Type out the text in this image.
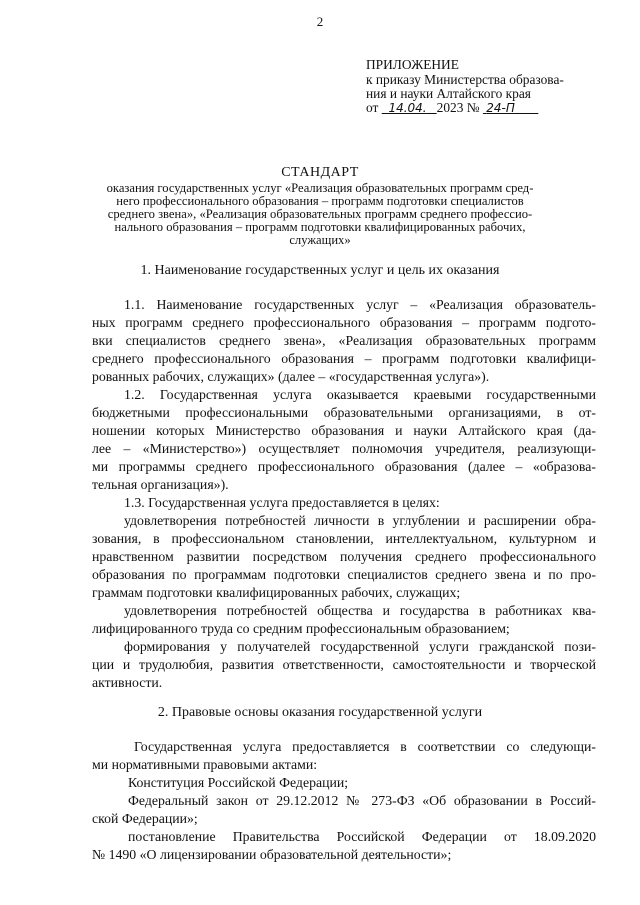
2
ПРИЛОЖЕНИЕ
к приказу Министерства образова-
ния и науки Алтайского края
от 14.04. 2023 № 24-П
СТАНДАРТ
оказания государственных услуг «Реализация образовательных программ сред-
него профессионального образования – программ подготовки специалистов
среднего звена», «Реализация образовательных программ среднего профессио-
нального образования – программ подготовки квалифицированных рабочих,
служащих»
1. Наименование государственных услуг и цель их оказания
1.1. Наименование государственных услуг – «Реализация образователь-
ных программ среднего профессионального образования – программ подгото-
вки специалистов среднего звена», «Реализация образовательных программ
среднего профессионального образования – программ подготовки квалифици-
рованных рабочих, служащих» (далее – «государственная услуга»).
1.2. Государственная услуга оказывается краевыми государственными
бюджетными профессиональными образовательными организациями, в от-
ношении которых Министерство образования и науки Алтайского края (да-
лее – «Министерство») осуществляет полномочия учредителя, реализующи-
ми программы среднего профессионального образования (далее – «образова-
тельная организация»).
1.3. Государственная услуга предоставляется в целях:
удовлетворения потребностей личности в углублении и расширении обра-
зования, в профессиональном становлении, интеллектуальном, культурном и
нравственном развитии посредством получения среднего профессионального
образования по программам подготовки специалистов среднего звена и по про-
граммам подготовки квалифицированных рабочих, служащих;
удовлетворения потребностей общества и государства в работниках ква-
лифицированного труда со средним профессиональным образованием;
формирования у получателей государственной услуги гражданской пози-
ции и трудолюбия, развития ответственности, самостоятельности и творческой
активности.
2. Правовые основы оказания государственной услуги
Государственная услуга предоставляется в соответствии со следующи-
ми нормативными правовыми актами:
Конституция Российской Федерации;
Федеральный закон от 29.12.2012 № 273-ФЗ «Об образовании в Россий-
ской Федерации»;
постановление Правительства Российской Федерации от 18.09.2020
№ 1490 «О лицензировании образовательной деятельности»;
